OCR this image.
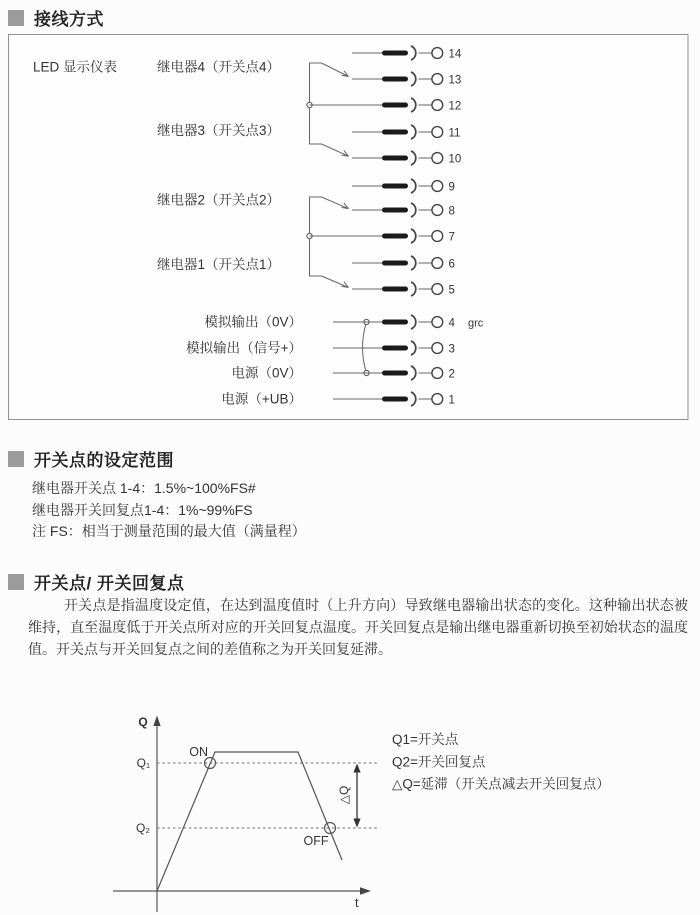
接线方式
LED 显示仪表	继电器4（开关点4）
继电器3（开关点3）
继电器2（开关点2）
继电器1（开关点1）
模拟输出（0V）
模拟输出（信号+）
电源（0V）
电源（+UB）
14
13
12
11
10
9
8
7
6
5
4 grc
3
2
1
开关点的设定范围
继电器开关点 1-4：1.5%~100%FS#
继电器开关回复点1-4：1%~99%FS
注 FS：相当于测量范围的最大值（满量程）
开关点/ 开关回复点
开关点是指温度设定值，在达到温度值时（上升方向）导致继电器输出状态的变化。这种输出状态被维持，直至温度低于开关点所对应的开关回复点温度。开关回复点是输出继电器重新切换至初始状态的温度值。开关点与开关回复点之间的差值称之为开关回复延滞。
Q
t
Q₁
Q₂
ON
OFF
△Q
Q1=开关点
Q2=开关回复点
△Q=延滞（开关点减去开关回复点）
